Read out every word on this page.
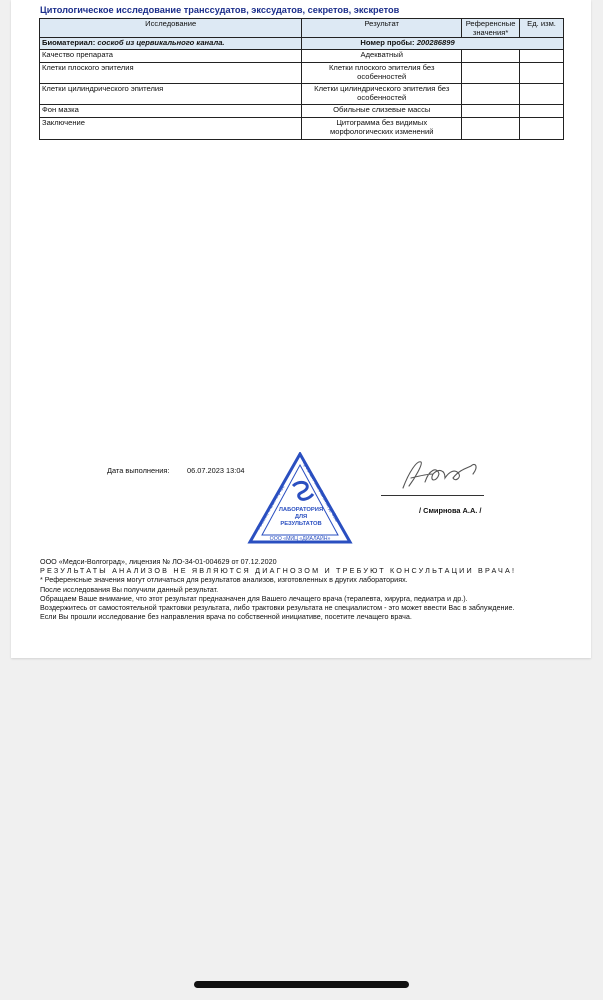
Цитологическое исследование транссудатов, экссудатов, секретов, экскретов
Исследование	Результат	Референсные значения*	Ед. изм.
Биоматериал: соскоб из цервикального канала.	Номер пробы: 200286899		
Качество препарата	Адекватный		
Клетки плоского эпителия	Клетки плоского эпителия без особенностей		
Клетки цилиндрического эпителия	Клетки цилиндрического эпителия без особенностей		
Фон мазка	Обильные слизевые массы		
Заключение	Цитограмма без видимых морфологических изменений		
Дата выполнения: 06.07.2023 13:04
Россия, г. Волгоград,
проспект им. Ленина, д. 35Б
ЛАБОРАТОРИЯ
ДЛЯ
РЕЗУЛЬТАТОВ
ООО «МИЦ «ДИАЛАЙН»
/ Смирнова А.А. /
ООО «Медси-Волгоград», лицензия № ЛО-34-01-004629 от 07.12.2020
РЕЗУЛЬТАТЫ АНАЛИЗОВ НЕ ЯВЛЯЮТСЯ ДИАГНОЗОМ И ТРЕБУЮТ КОНСУЛЬТАЦИИ ВРАЧА!
* Референсные значения могут отличаться для результатов анализов, изготовленных в других лабораториях.
После исследования Вы получили данный результат.
Обращаем Ваше внимание, что этот результат предназначен для Вашего лечащего врача (терапевта, хирурга, педиатра и др.).
Воздержитесь от самостоятельной трактовки результата, либо трактовки результата не специалистом - это может ввести Вас в заблуждение.
Если Вы прошли исследование без направления врача по собственной инициативе, посетите лечащего врача.
